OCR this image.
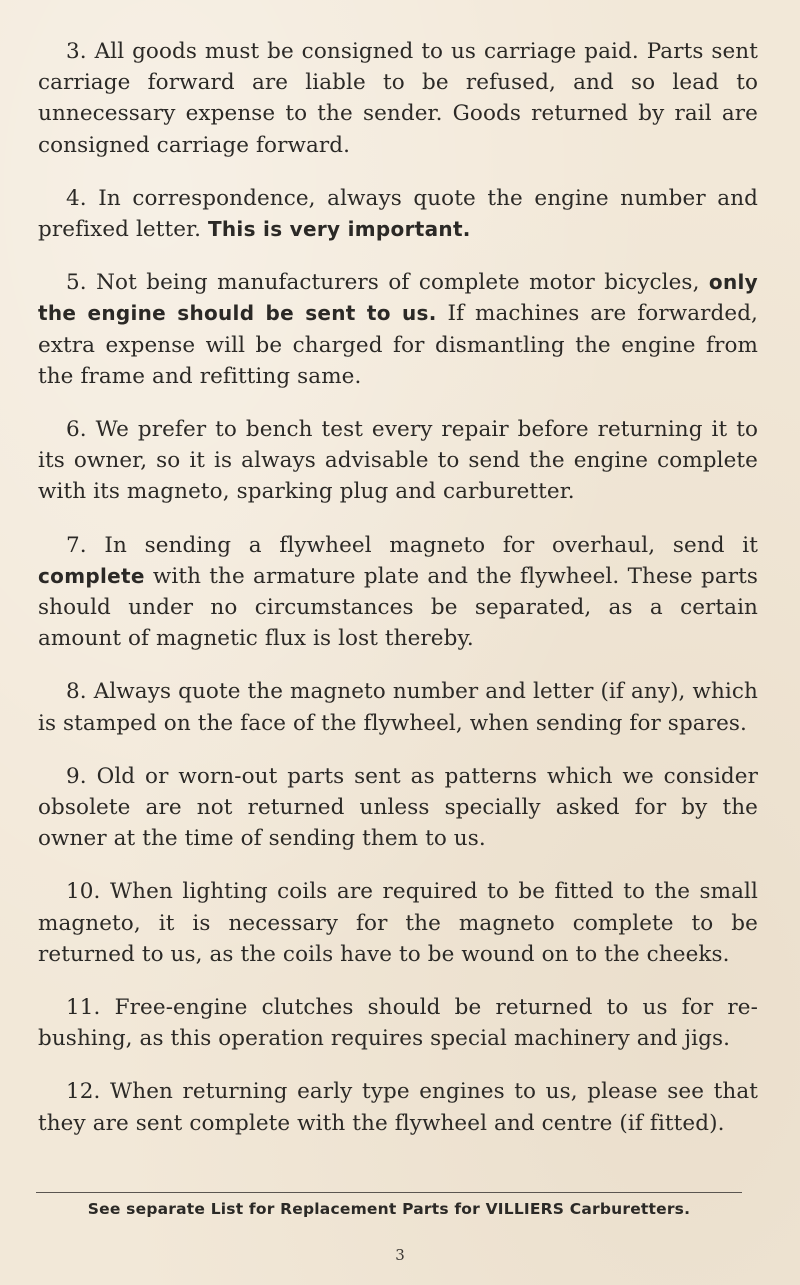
3. All goods must be consigned to us carriage paid. Parts sent carriage forward are liable to be refused, and so lead to unnecessary expense to the sender. Goods returned by rail are consigned carriage forward.

4. In correspondence, always quote the engine number and prefixed letter. This is very important.

5. Not being manufacturers of complete motor bicycles, only the engine should be sent to us. If machines are forwarded, extra expense will be charged for dismantling the engine from the frame and refitting same.

6. We prefer to bench test every repair before returning it to its owner, so it is always advisable to send the engine complete with its magneto, sparking plug and carburetter.

7. In sending a flywheel magneto for overhaul, send it complete with the armature plate and the flywheel. These parts should under no circumstances be separated, as a certain amount of magnetic flux is lost thereby.

8. Always quote the magneto number and letter (if any), which is stamped on the face of the flywheel, when sending for spares.

9. Old or worn-out parts sent as patterns which we consider obsolete are not returned unless specially asked for by the owner at the time of sending them to us.

10. When lighting coils are required to be fitted to the small magneto, it is necessary for the magneto complete to be returned to us, as the coils have to be wound on to the cheeks.

11. Free-engine clutches should be returned to us for re-bushing, as this operation requires special machinery and jigs.

12. When returning early type engines to us, please see that they are sent complete with the flywheel and centre (if fitted).

See separate List for Replacement Parts for VILLIERS Carburetters.
3
